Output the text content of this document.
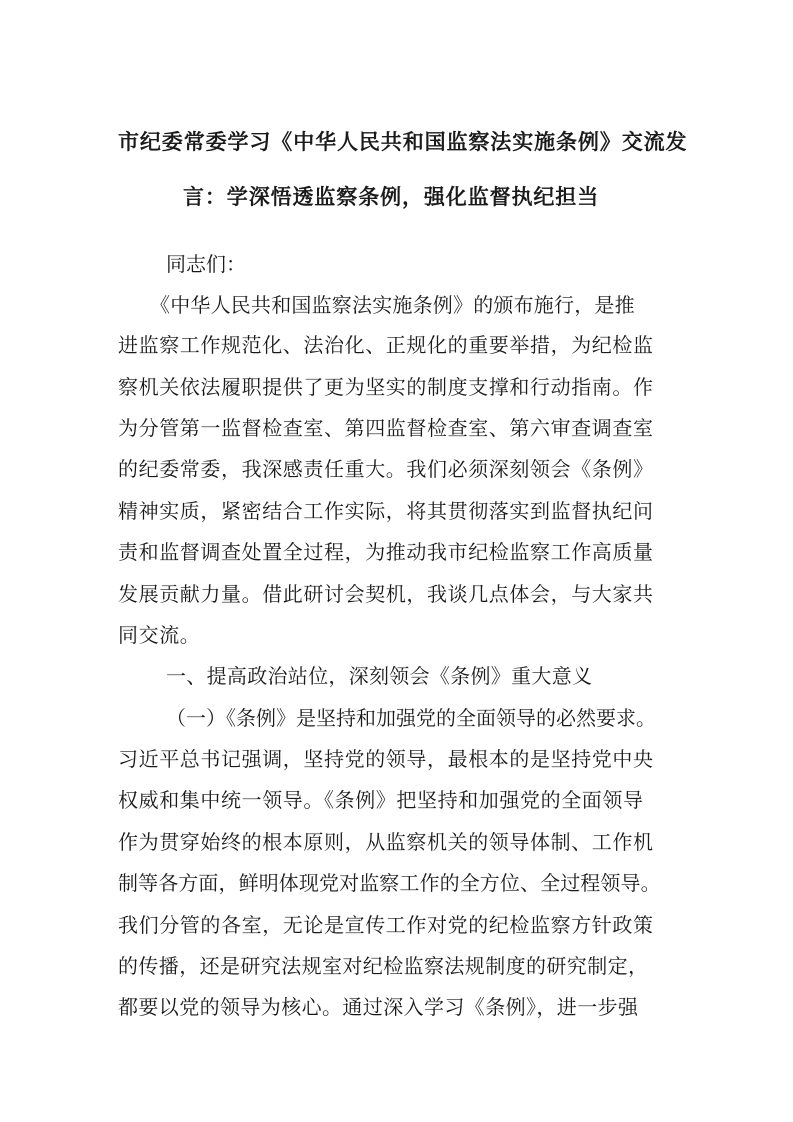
市纪委常委学习《中华人民共和国监察法实施条例》交流发
言：学深悟透监察条例，强化监督执纪担当
同志们：
《中华人民共和国监察法实施条例》的颁布施行，是推
进监察工作规范化、法治化、正规化的重要举措，为纪检监
察机关依法履职提供了更为坚实的制度支撑和行动指南。作
为分管第一监督检查室、第四监督检查室、第六审查调查室
的纪委常委，我深感责任重大。我们必须深刻领会《条例》
精神实质，紧密结合工作实际，将其贯彻落实到监督执纪问
责和监督调查处置全过程，为推动我市纪检监察工作高质量
发展贡献力量。借此研讨会契机，我谈几点体会，与大家共
同交流。
一、提高政治站位，深刻领会《条例》重大意义
（一）《条例》是坚持和加强党的全面领导的必然要求。
习近平总书记强调，坚持党的领导，最根本的是坚持党中央
权威和集中统一领导。《条例》把坚持和加强党的全面领导
作为贯穿始终的根本原则，从监察机关的领导体制、工作机
制等各方面，鲜明体现党对监察工作的全方位、全过程领导。
我们分管的各室，无论是宣传工作对党的纪检监察方针政策
的传播，还是研究法规室对纪检监察法规制度的研究制定，
都要以党的领导为核心。通过深入学习《条例》，进一步强
